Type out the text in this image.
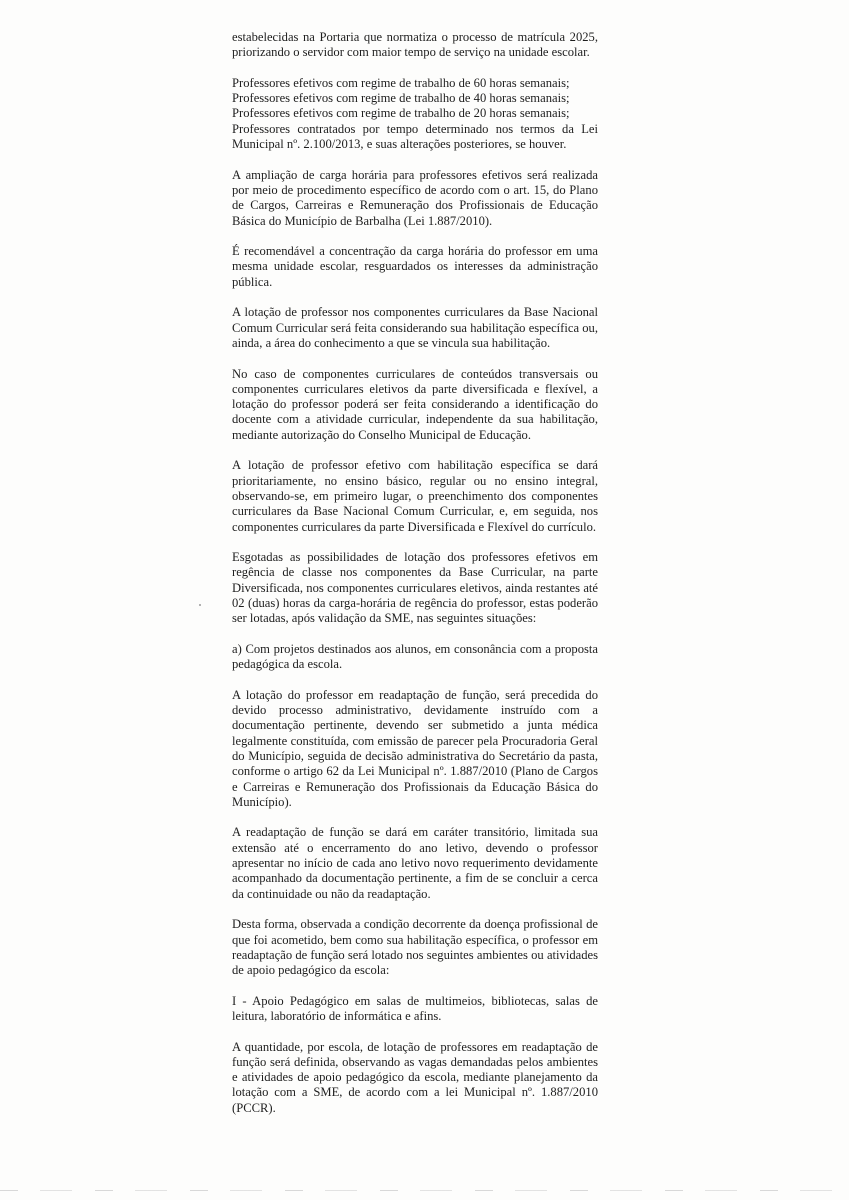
estabelecidas na Portaria que normatiza o processo de matrícula 2025, priorizando o servidor com maior tempo de serviço na unidade escolar.

Professores efetivos com regime de trabalho de 60 horas semanais;

Professores efetivos com regime de trabalho de 40 horas semanais;

Professores efetivos com regime de trabalho de 20 horas semanais;

Professores contratados por tempo determinado nos termos da Lei Municipal nº. 2.100/2013, e suas alterações posteriores, se houver.

A ampliação de carga horária para professores efetivos será realizada por meio de procedimento específico de acordo com o art. 15, do Plano de Cargos, Carreiras e Remuneração dos Profissionais de Educação Básica do Município de Barbalha (Lei 1.887/2010).

É recomendável a concentração da carga horária do professor em uma mesma unidade escolar, resguardados os interesses da administração pública.

A lotação de professor nos componentes curriculares da Base Nacional Comum Curricular será feita considerando sua habilitação específica ou, ainda, a área do conhecimento a que se vincula sua habilitação.

No caso de componentes curriculares de conteúdos transversais ou componentes curriculares eletivos da parte diversificada e flexível, a lotação do professor poderá ser feita considerando a identificação do docente com a atividade curricular, independente da sua habilitação, mediante autorização do Conselho Municipal de Educação.

A lotação de professor efetivo com habilitação específica se dará prioritariamente, no ensino básico, regular ou no ensino integral, observando-se, em primeiro lugar, o preenchimento dos componentes curriculares da Base Nacional Comum Curricular, e, em seguida, nos componentes curriculares da parte Diversificada e Flexível do currículo.

Esgotadas as possibilidades de lotação dos professores efetivos em regência de classe nos componentes da Base Curricular, na parte Diversificada, nos componentes curriculares eletivos, ainda restantes até 02 (duas) horas da carga-horária de regência do professor, estas poderão ser lotadas, após validação da SME, nas seguintes situações:

a) Com projetos destinados aos alunos, em consonância com a proposta pedagógica da escola.

A lotação do professor em readaptação de função, será precedida do devido processo administrativo, devidamente instruído com a documentação pertinente, devendo ser submetido a junta médica legalmente constituída, com emissão de parecer pela Procuradoria Geral do Município, seguida de decisão administrativa do Secretário da pasta, conforme o artigo 62 da Lei Municipal nº. 1.887/2010 (Plano de Cargos e Carreiras e Remuneração dos Profissionais da Educação Básica do Município).

A readaptação de função se dará em caráter transitório, limitada sua extensão até o encerramento do ano letivo, devendo o professor apresentar no início de cada ano letivo novo requerimento devidamente acompanhado da documentação pertinente, a fim de se concluir a cerca da continuidade ou não da readaptação.

Desta forma, observada a condição decorrente da doença profissional de que foi acometido, bem como sua habilitação específica, o professor em readaptação de função será lotado nos seguintes ambientes ou atividades de apoio pedagógico da escola:

I - Apoio Pedagógico em salas de multimeios, bibliotecas, salas de leitura, laboratório de informática e afins.

A quantidade, por escola, de lotação de professores em readaptação de função será definida, observando as vagas demandadas pelos ambientes e atividades de apoio pedagógico da escola, mediante planejamento da lotação com a SME, de acordo com a lei Municipal nº. 1.887/2010 (PCCR).
